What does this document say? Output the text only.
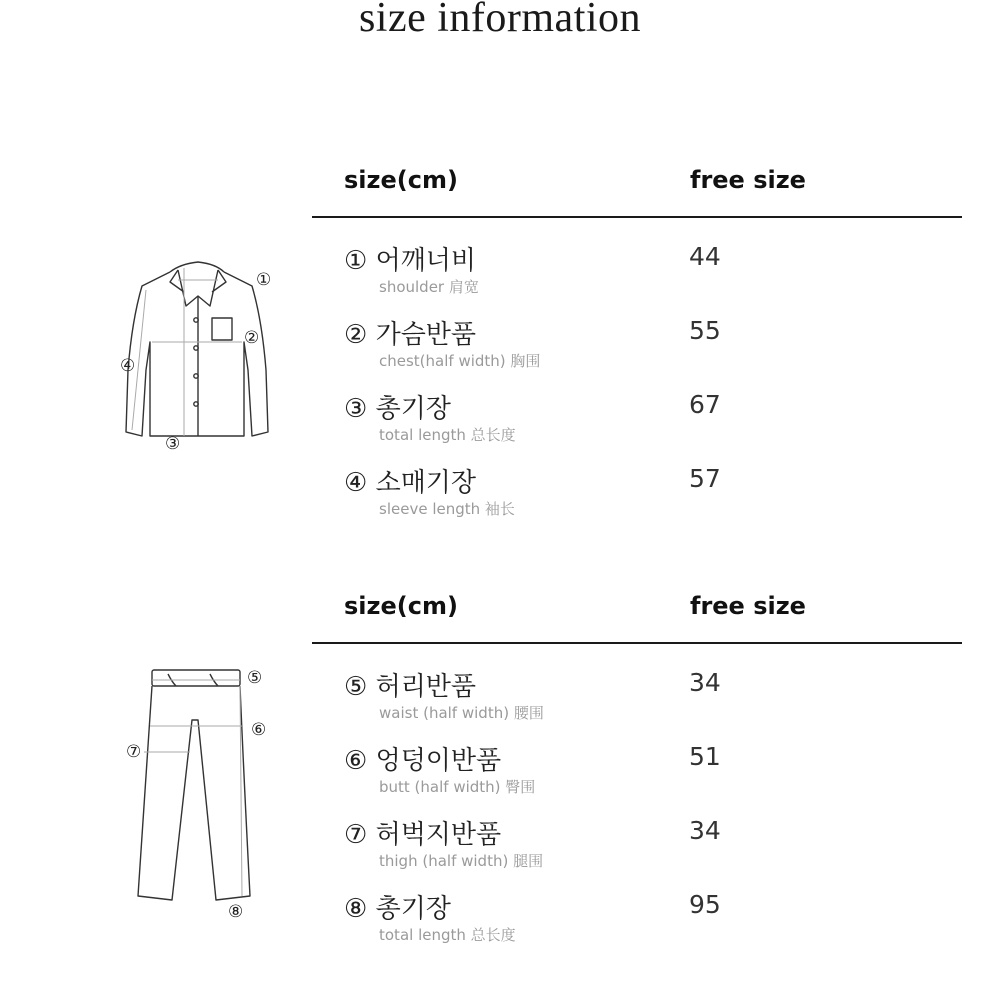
size information
①
②
④
③
⑤
⑥
⑦
⑧
size(cm)	free size
① 어깨너비
shoulder 肩宽
44
② 가슴반품
chest(half width) 胸围
55
③ 총기장
total length 总长度
67
④ 소매기장
sleeve length 袖长
57
size(cm)	free size
⑤ 허리반품
waist (half width) 腰围
34
⑥ 엉덩이반품
butt (half width) 臀围
51
⑦ 허벅지반품
thigh (half width) 腿围
34
⑧ 총기장
total length 总长度
95
